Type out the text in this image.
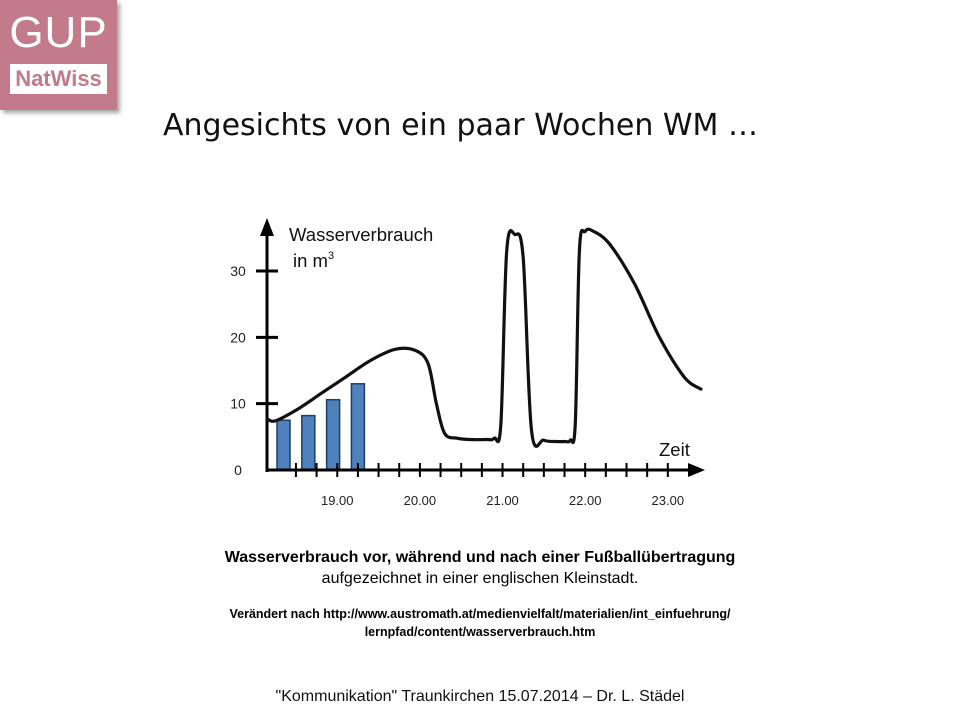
GUP
NatWiss
Angesichts von ein paar Wochen WM …
19.00	20.00	21.00	22.00	23.00
0
10
20
30
Wasserverbrauch
in $m^3$
Zeit
Wasserverbrauch vor, während und nach einer Fußballübertragung
aufgezeichnet in einer englischen Kleinstadt.
Verändert nach http://www.austromath.at/medienvielfalt/materialien/int_einfuehrung/
lernpfad/content/wasserverbrauch.htm
"Kommunikation" Traunkirchen 15.07.2014 – Dr. L. Städel
